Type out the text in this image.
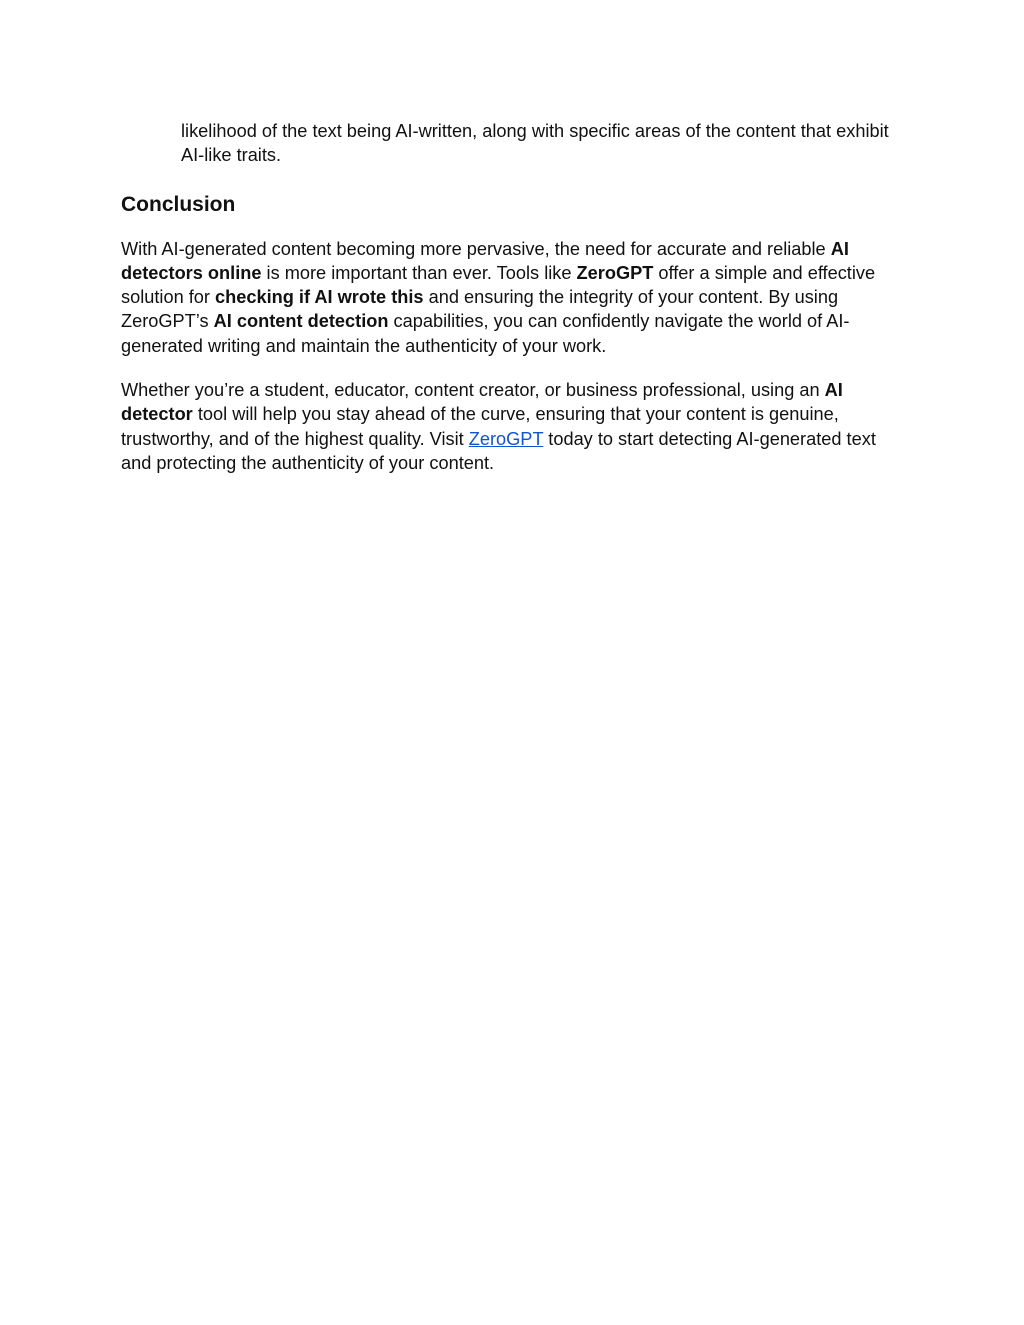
likelihood of the text being AI-written, along with specific areas of the content that exhibit AI-like traits.

Conclusion

With AI-generated content becoming more pervasive, the need for accurate and reliable AI detectors online is more important than ever. Tools like ZeroGPT offer a simple and effective solution for checking if AI wrote this and ensuring the integrity of your content. By using ZeroGPT’s AI content detection capabilities, you can confidently navigate the world of AI-generated writing and maintain the authenticity of your work.

Whether you’re a student, educator, content creator, or business professional, using an AI detector tool will help you stay ahead of the curve, ensuring that your content is genuine, trustworthy, and of the highest quality. Visit ZeroGPT today to start detecting AI-generated text and protecting the authenticity of your content.
